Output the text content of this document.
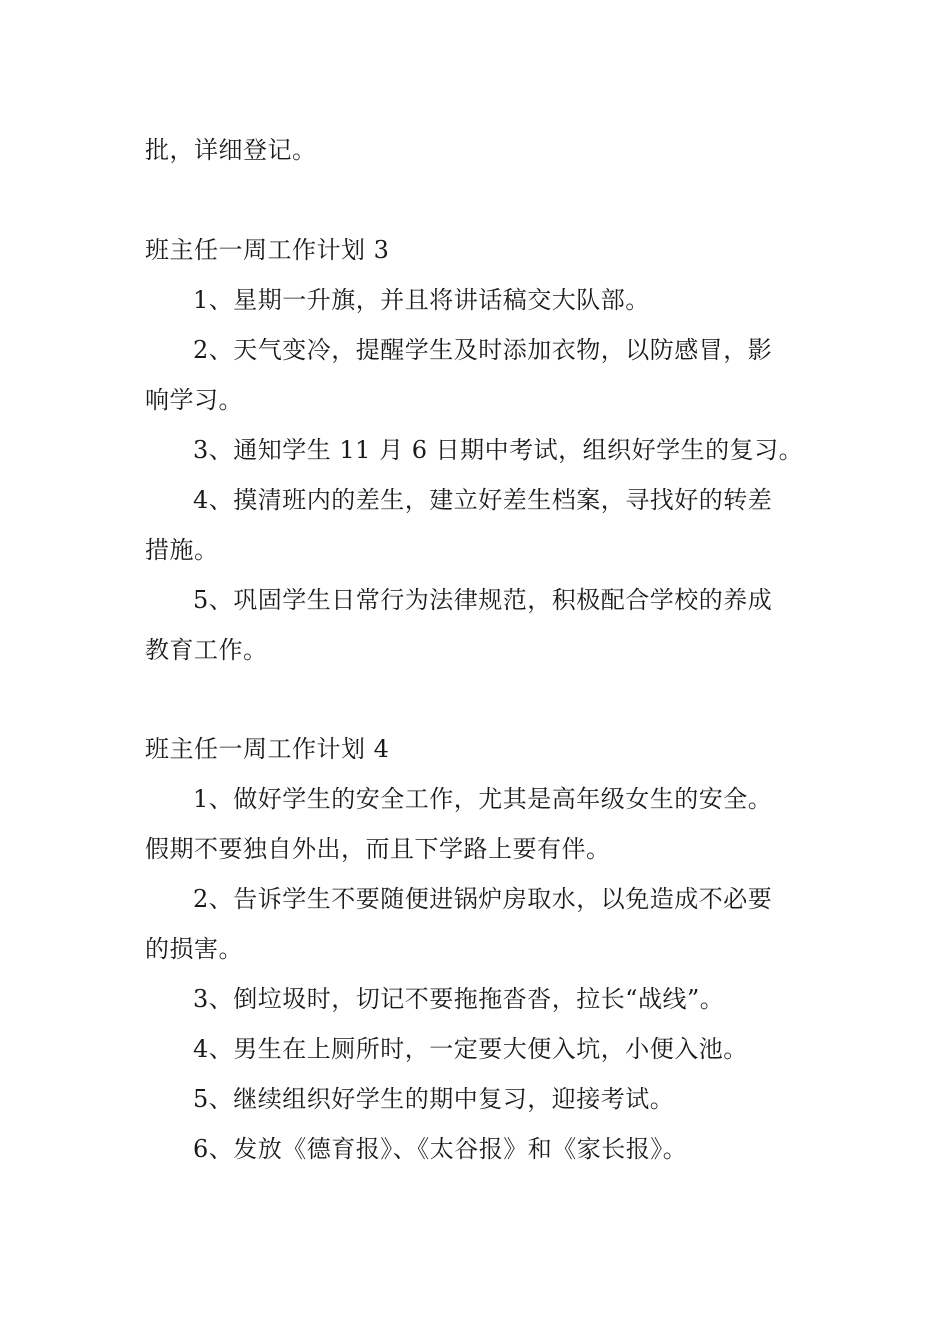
批，详细登记。
班主任一周工作计划 3
1、星期一升旗，并且将讲话稿交大队部。
2、天气变冷，提醒学生及时添加衣物，以防感冒，影
响学习。
3、通知学生 11 月 6 日期中考试，组织好学生的复习。
4、摸清班内的差生，建立好差生档案，寻找好的转差
措施。
5、巩固学生日常行为法律规范，积极配合学校的养成
教育工作。
班主任一周工作计划 4
1、做好学生的安全工作，尤其是高年级女生的安全。
假期不要独自外出，而且下学路上要有伴。
2、告诉学生不要随便进锅炉房取水，以免造成不必要
的损害。
3、倒垃圾时，切记不要拖拖沓沓，拉长“战线”。
4、男生在上厕所时，一定要大便入坑，小便入池。
5、继续组织好学生的期中复习，迎接考试。
6、发放《德育报》、《太谷报》和《家长报》。
